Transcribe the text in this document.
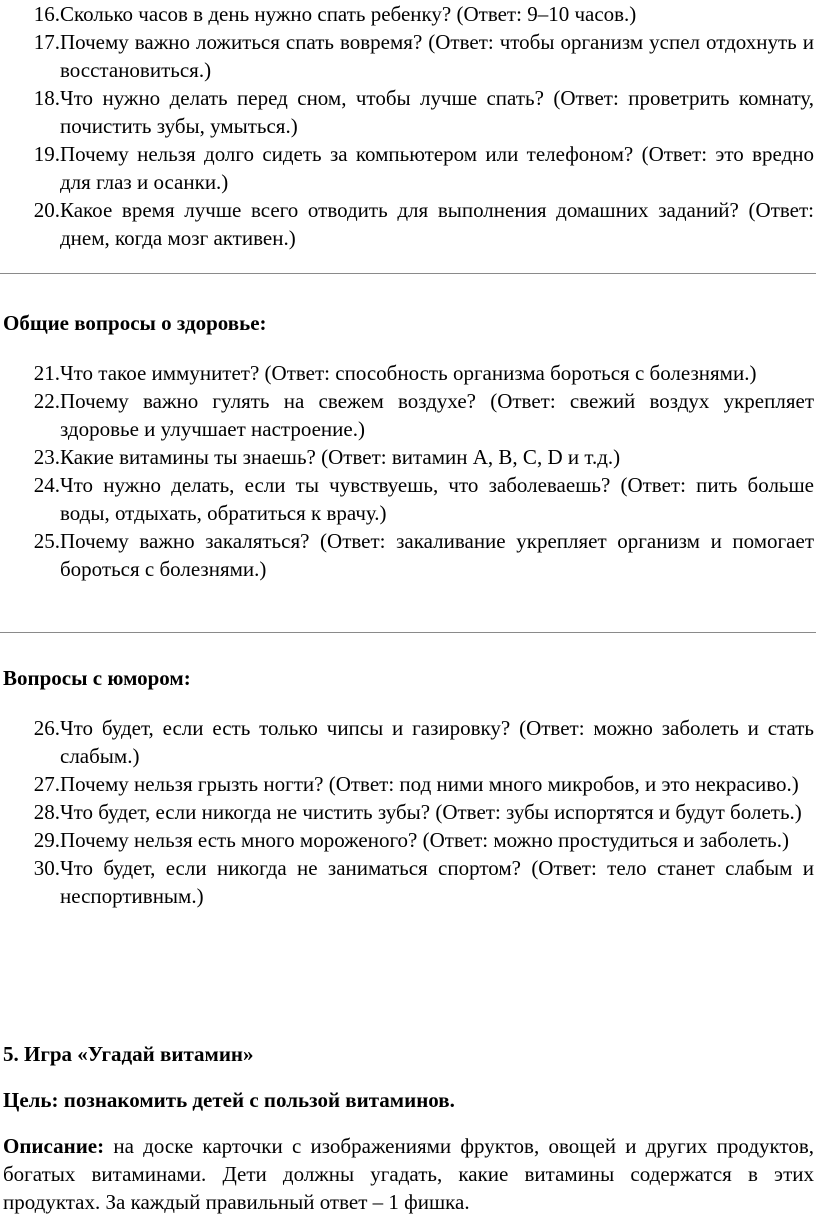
16. Сколько часов в день нужно спать ребенку? (Ответ: 9–10 часов.)
17. Почему важно ложиться спать вовремя? (Ответ: чтобы организм успел отдохнуть и восстановиться.)
18. Что нужно делать перед сном, чтобы лучше спать? (Ответ: проветрить комнату, почистить зубы, умыться.)
19. Почему нельзя долго сидеть за компьютером или телефоном? (Ответ: это вредно для глаз и осанки.)
20. Какое время лучше всего отводить для выполнения домашних заданий? (Ответ: днем, когда мозг активен.)

Общие вопросы о здоровье:

21. Что такое иммунитет? (Ответ: способность организма бороться с болезнями.)
22. Почему важно гулять на свежем воздухе? (Ответ: свежий воздух укрепляет здоровье и улучшает настроение.)
23. Какие витамины ты знаешь? (Ответ: витамин A, B, C, D и т.д.)
24. Что нужно делать, если ты чувствуешь, что заболеваешь? (Ответ: пить больше воды, отдыхать, обратиться к врачу.)
25. Почему важно закаляться? (Ответ: закаливание укрепляет организм и помогает бороться с болезнями.)

Вопросы с юмором:

26. Что будет, если есть только чипсы и газировку? (Ответ: можно заболеть и стать слабым.)
27. Почему нельзя грызть ногти? (Ответ: под ними много микробов, и это некрасиво.)
28. Что будет, если никогда не чистить зубы? (Ответ: зубы испортятся и будут болеть.)
29. Почему нельзя есть много мороженого? (Ответ: можно простудиться и заболеть.)
30. Что будет, если никогда не заниматься спортом? (Ответ: тело станет слабым и неспортивным.)

5. Игра «Угадай витамин»

Цель: познакомить детей с пользой витаминов.

Описание: на доске карточки с изображениями фруктов, овощей и других продуктов, богатых витаминами. Дети должны угадать, какие витамины содержатся в этих продуктах. За каждый правильный ответ – 1 фишка.
